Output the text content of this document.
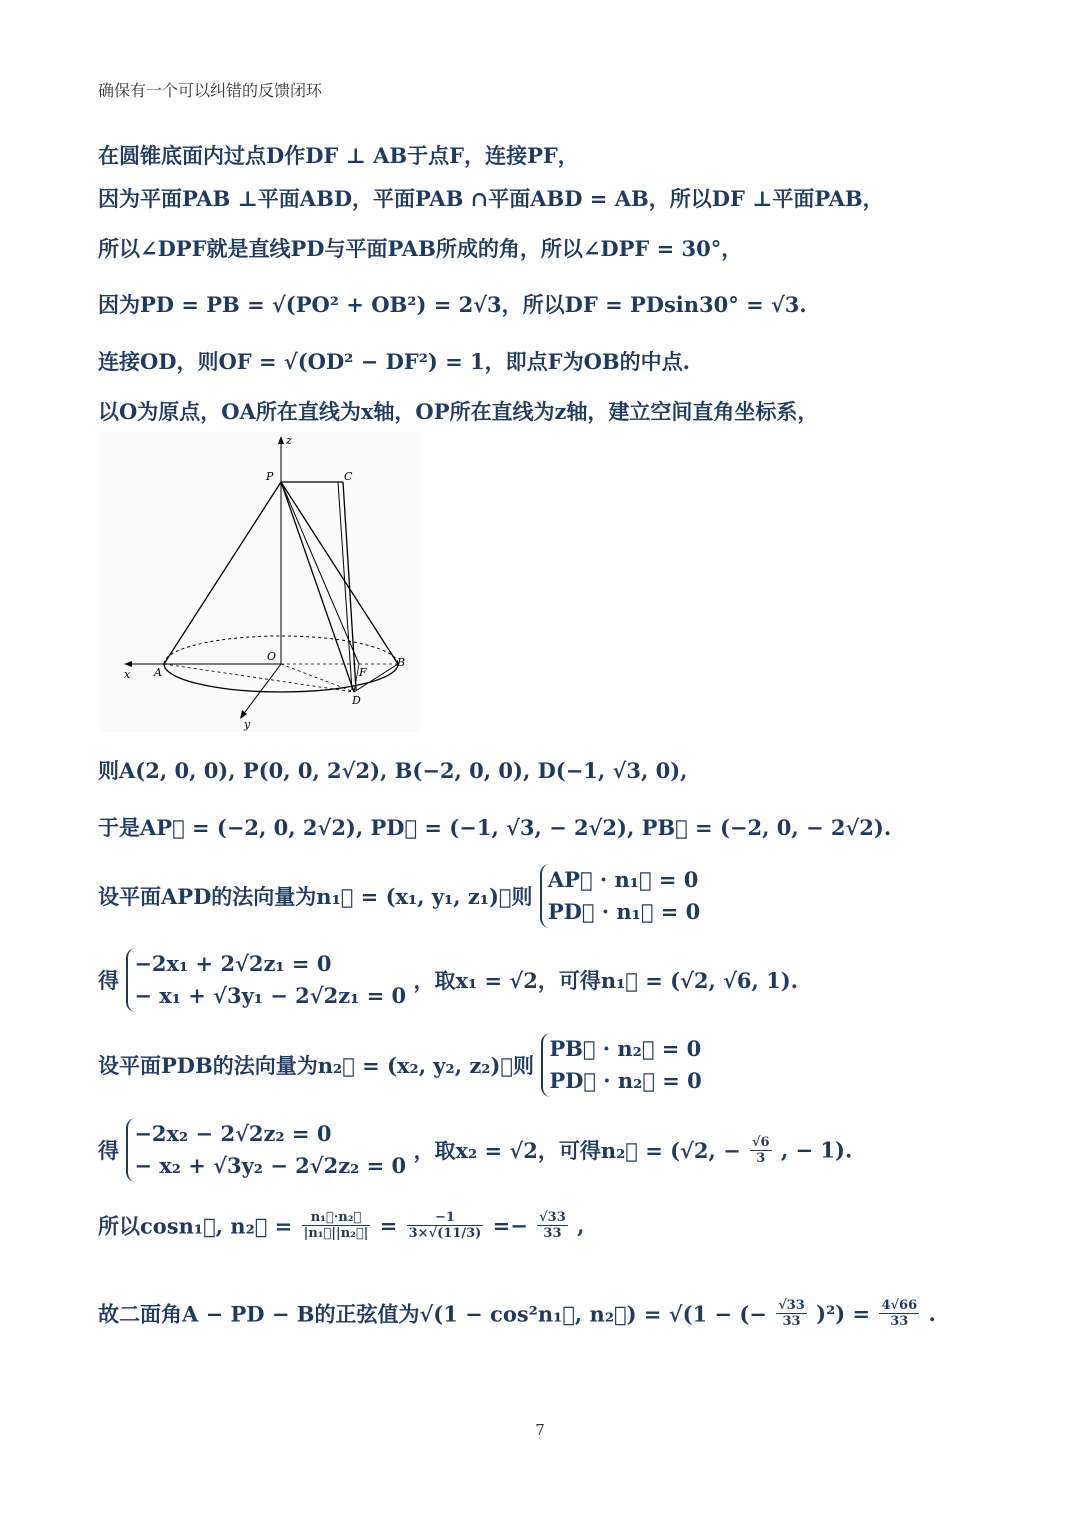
确保有一个可以纠错的反馈闭环
在圆锥底面内过点D作DF ⊥ AB于点F，连接PF，
因为平面PAB ⊥平面ABD，平面PAB ∩平面ABD = AB，所以DF ⊥平面PAB，
所以∠DPF就是直线PD与平面PAB所成的角，所以∠DPF = 30°，
因为PD = PB = √(PO² + OB²) = 2√3，所以DF = PDsin30° = √3.
连接OD，则OF = √(OD² − DF²) = 1，即点F为OB的中点.
以O为原点，OA所在直线为x轴，OP所在直线为z轴，建立空间直角坐标系，
z
P	C
O
A
B
F
D
x
y
则A(2, 0, 0), P(0, 0, 2√2), B(−2, 0, 0), D(−1, √3, 0),
于是AP⃗ = (−2, 0, 2√2), PD⃗ = (−1, √3, − 2√2), PB⃗ = (−2, 0, − 2√2).
设平面APD的法向量为n₁⃗ = (x₁, y₁, z₁)，则
AP⃗ · n₁⃗ = 0
PD⃗ · n₁⃗ = 0
得
−2x₁ + 2√2z₁ = 0
− x₁ + √3y₁ − 2√2z₁ = 0
，取x₁ = √2，可得n₁⃗ = (√2, √6, 1).
设平面PDB的法向量为n₂⃗ = (x₂, y₂, z₂)，则
PB⃗ · n₂⃗ = 0
PD⃗ · n₂⃗ = 0
得
−2x₂ − 2√2z₂ = 0
− x₂ + √3y₂ − 2√2z₂ = 0
，取x₂ = √2，可得n₂⃗ = (√2, − $\frac{√6}{3}$ , − 1).
所以cosn₁⃗, n₂⃗ = $\frac{\text{n₁⃗·n₂⃗}}{\text{|n₁⃗||n₂⃗|}} = \frac{-1}{3\times√(11/3)} =- \frac{√33}{33}$ ,
故二面角A − PD − B的正弦值为√(1 − cos²n₁⃗, n₂⃗) = √(1 − (− $\frac{√33}{33} )^2) = \frac{4√66}{33}$ .
7
